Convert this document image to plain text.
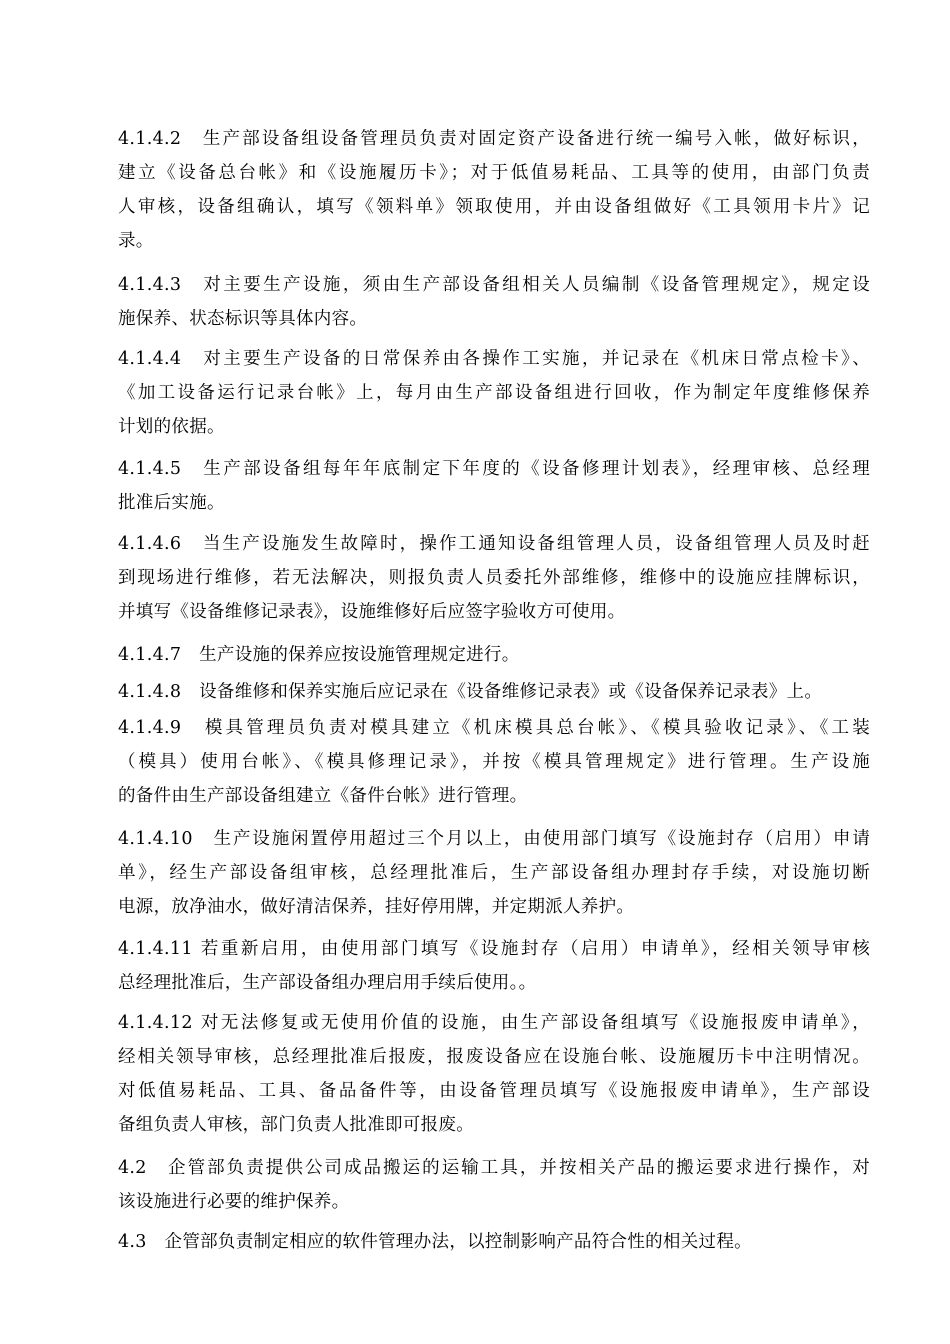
4.1.4.2　生产部设备组设备管理员负责对固定资产设备进行统一编号入帐，做好标识，
建立《设备总台帐》和《设施履历卡》；对于低值易耗品、工具等的使用，由部门负责
人审核，设备组确认，填写《领料单》领取使用，并由设备组做好《工具领用卡片》记
录。
4.1.4.3　对主要生产设施，须由生产部设备组相关人员编制《设备管理规定》，规定设
施保养、状态标识等具体内容。
4.1.4.4　对主要生产设备的日常保养由各操作工实施，并记录在《机床日常点检卡》、
《加工设备运行记录台帐》上，每月由生产部设备组进行回收，作为制定年度维修保养
计划的依据。
4.1.4.5　生产部设备组每年年底制定下年度的《设备修理计划表》，经理审核、总经理
批准后实施。
4.1.4.6　当生产设施发生故障时，操作工通知设备组管理人员，设备组管理人员及时赶
到现场进行维修，若无法解决，则报负责人员委托外部维修，维修中的设施应挂牌标识，
并填写《设备维修记录表》，设施维修好后应签字验收方可使用。
4.1.4.7　生产设施的保养应按设施管理规定进行。
4.1.4.8　设备维修和保养实施后应记录在《设备维修记录表》或《设备保养记录表》上。
4.1.4.9　模具管理员负责对模具建立《机床模具总台帐》、《模具验收记录》、《工装
（模具）使用台帐》、《模具修理记录》，并按《模具管理规定》进行管理。生产设施
的备件由生产部设备组建立《备件台帐》进行管理。
4.1.4.10　生产设施闲置停用超过三个月以上，由使用部门填写《设施封存（启用）申请
单》，经生产部设备组审核，总经理批准后，生产部设备组办理封存手续，对设施切断
电源，放净油水，做好清洁保养，挂好停用牌，并定期派人养护。
4.1.4.11 若重新启用，由使用部门填写《设施封存（启用）申请单》，经相关领导审核
总经理批准后，生产部设备组办理启用手续后使用。。
4.1.4.12 对无法修复或无使用价值的设施，由生产部设备组填写《设施报废申请单》，
经相关领导审核，总经理批准后报废，报废设备应在设施台帐、设施履历卡中注明情况。
对低值易耗品、工具、备品备件等，由设备管理员填写《设施报废申请单》，生产部设
备组负责人审核，部门负责人批准即可报废。
4.2　企管部负责提供公司成品搬运的运输工具，并按相关产品的搬运要求进行操作，对
该设施进行必要的维护保养。
4.3　企管部负责制定相应的软件管理办法，以控制影响产品符合性的相关过程。
